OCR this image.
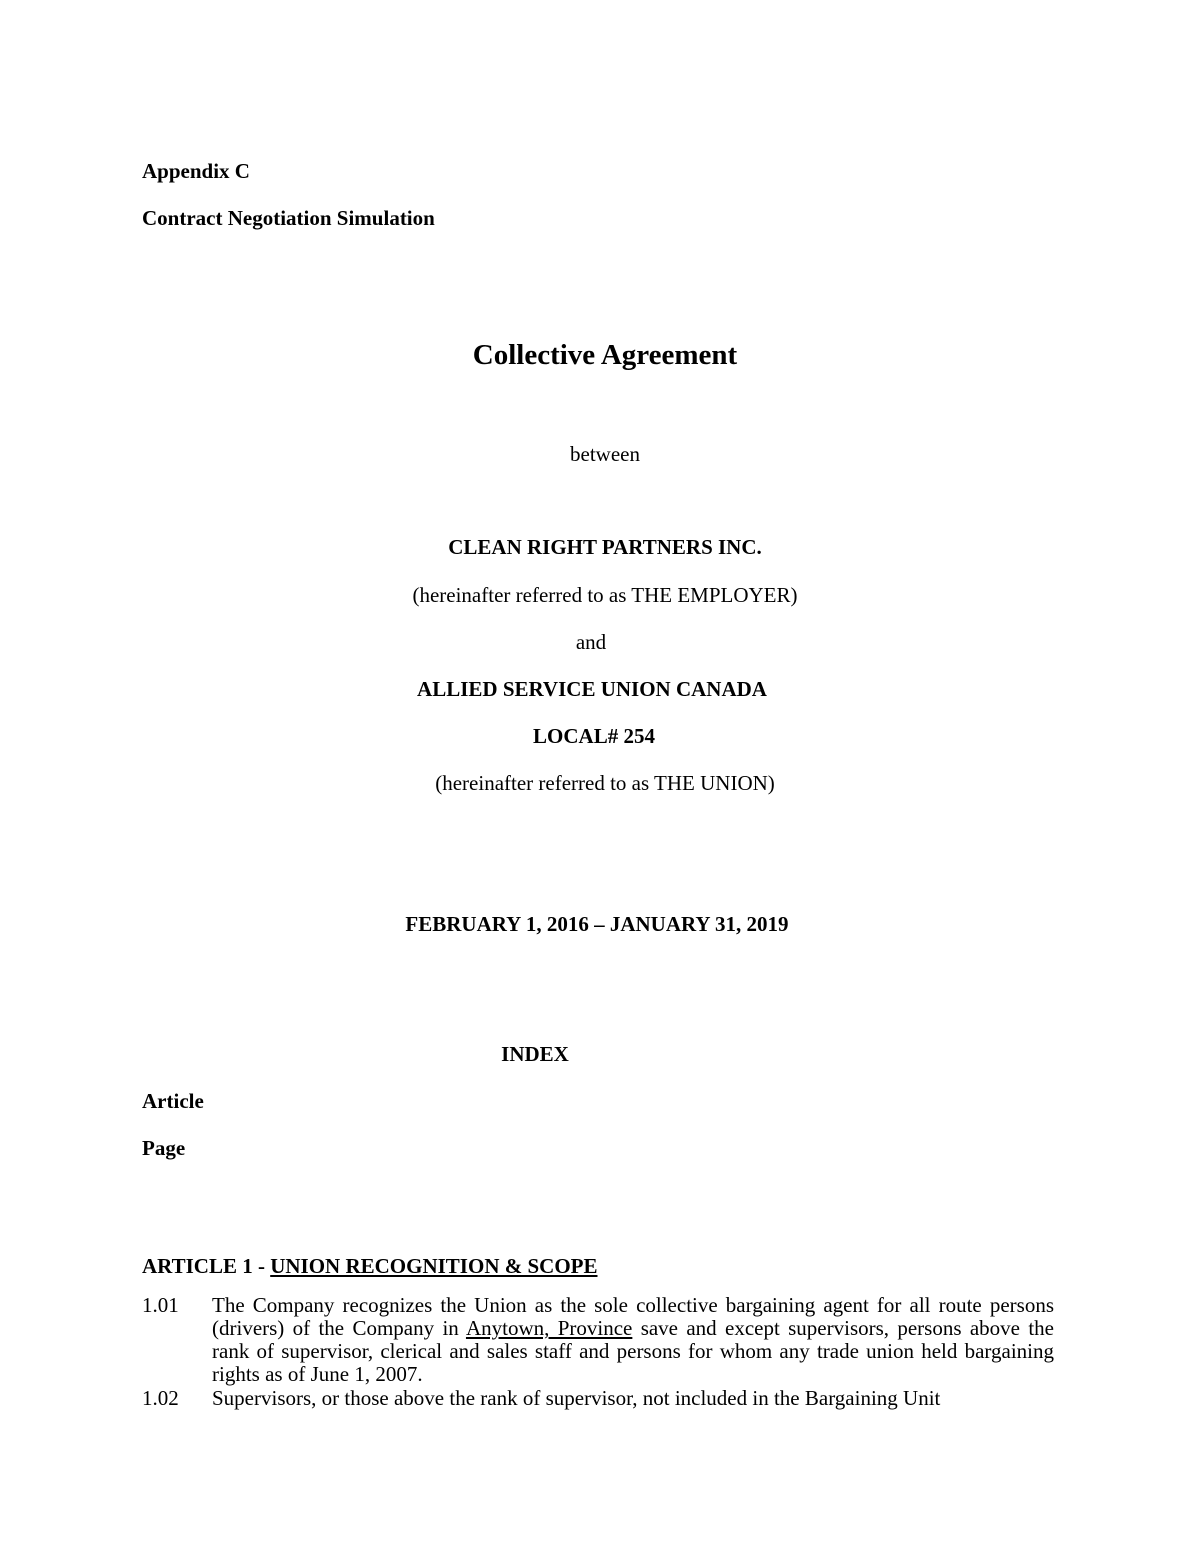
Appendix C
Contract Negotiation Simulation
Collective Agreement
between
CLEAN RIGHT PARTNERS INC.
(hereinafter referred to as THE EMPLOYER)
and
ALLIED SERVICE UNION CANADA
LOCAL# 254
(hereinafter referred to as THE UNION)
FEBRUARY 1, 2016 – JANUARY 31, 2019
INDEX
Article
Page
ARTICLE 1 - UNION RECOGNITION & SCOPE
1.01 The Company recognizes the Union as the sole collective bargaining agent for all route persons (drivers) of the Company in Anytown, Province save and except supervisors, persons above the rank of supervisor, clerical and sales staff and persons for whom any trade union held bargaining rights as of June 1, 2007.
1.02 Supervisors, or those above the rank of supervisor, not included in the Bargaining Unit
